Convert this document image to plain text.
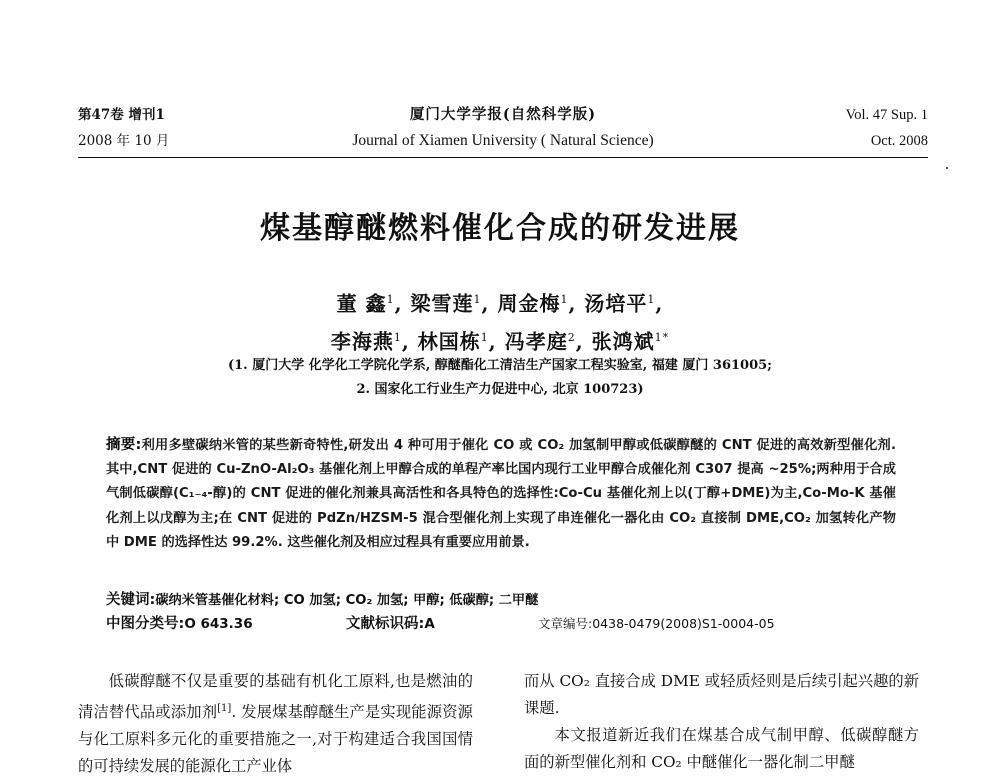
第47卷 增刊1
2008 年 10 月
厦门大学学报(自然科学版)
Journal of Xiamen University ( Natural Science)
Vol. 47 Sup. 1
Oct. 2008
煤基醇醚燃料催化合成的研发进展
董 鑫$^1$, 梁雪莲$^1$, 周金梅$^1$, 汤培平$^1$,
李海燕$^1$, 林国栋$^1$, 冯孝庭$^2$, 张鸿斌$^{1*}$
(1. 厦门大学 化学化工学院化学系, 醇醚酯化工清洁生产国家工程实验室, 福建 厦门 361005;
2. 国家化工行业生产力促进中心, 北京 100723)
摘要:利用多壁碳纳米管的某些新奇特性,研发出 4 种可用于催化 CO 或 CO₂ 加氢制甲醇或低碳醇醚的 CNT 促进的高效新型催化剂. 其中,CNT 促进的 Cu-ZnO-Al₂O₃ 基催化剂上甲醇合成的单程产率比国内现行工业甲醇合成催化剂 C307 提高 ~25%;两种用于合成气制低碳醇(C₁₋₄-醇)的 CNT 促进的催化剂兼具高活性和各具特色的选择性:Co-Cu 基催化剂上以(丁醇+DME)为主,Co-Mo-K 基催化剂上以戊醇为主;在 CNT 促进的 PdZn/HZSM-5 混合型催化剂上实现了串连催化一器化由 CO₂ 直接制 DME,CO₂ 加氢转化产物中 DME 的选择性达 99.2%. 这些催化剂及相应过程具有重要应用前景.
关键词:碳纳米管基催化材料; CO 加氢; CO₂ 加氢; 甲醇; 低碳醇; 二甲醚
中图分类号:O 643.36	文献标识码:A	文章编号:0438-0479(2008)S1-0004-05

低碳醇醚不仅是重要的基础有机化工原料,也是燃油的清洁替代品或添加剂[1]. 发展煤基醇醚生产是实现能源资源与化工原料多元化的重要措施之一,对于构建适合我国国情的可持续发展的能源化工产业体

而从 CO₂ 直接合成 DME 或轻质烃则是后续引起兴趣的新课题.

本文报道新近我们在煤基合成气制甲醇、低碳醇醚方面的新型催化剂和 CO₂ 中醚催化一器化制二甲醚
